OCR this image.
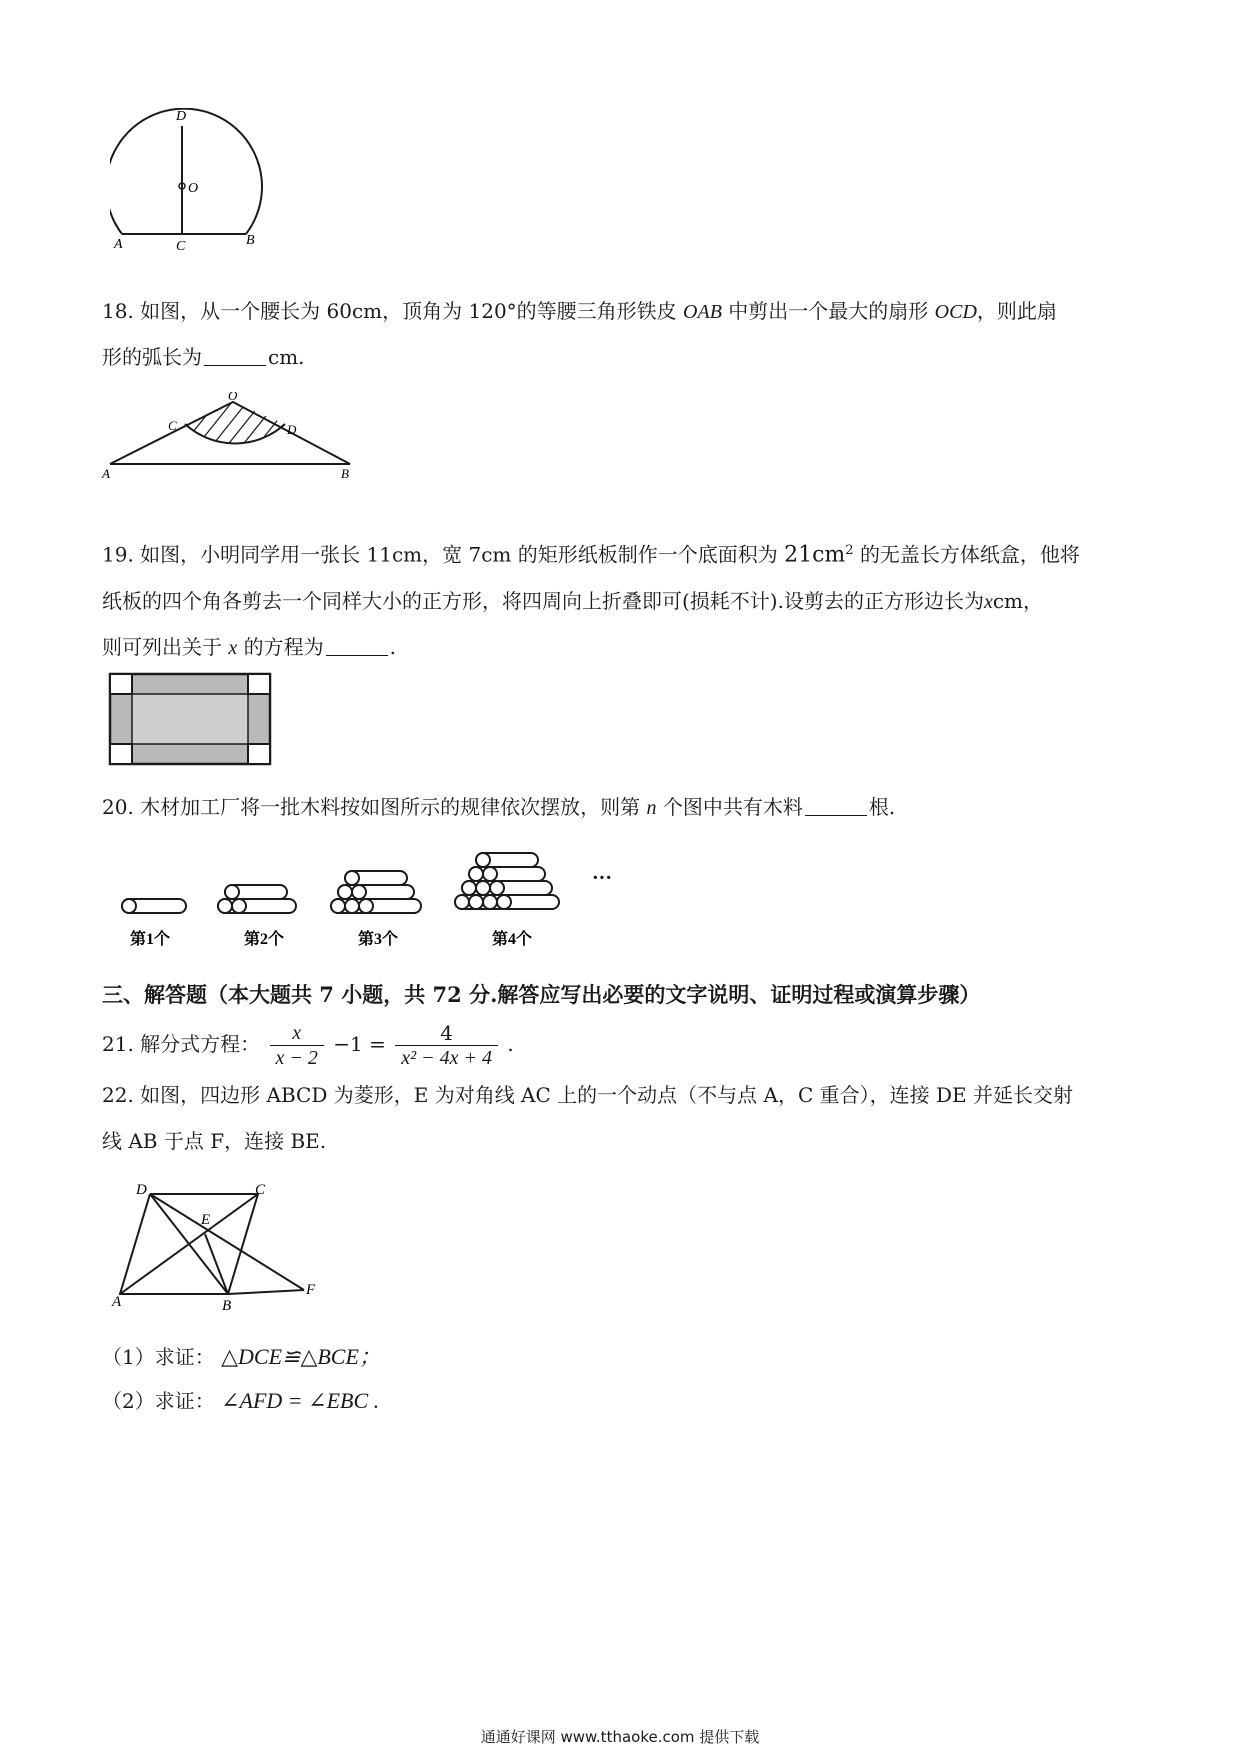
D
O
A	C	B
18. 如图，从一个腰长为 60cm，顶角为 120°的等腰三角形铁皮 OAB 中剪出一个最大的扇形 OCD，则此扇
形的弧长为	cm.
O
C	D
A	B
19. 如图，小明同学用一张长 11cm，宽 7cm 的矩形纸板制作一个底面积为 $21cm^2$ 的无盖长方体纸盒，他将
纸板的四个角各剪去一个同样大小的正方形，将四周向上折叠即可(损耗不计).设剪去的正方形边长为xcm，
则可列出关于 x 的方程为	.
20. 木材加工厂将一批木料按如图所示的规律依次摆放，则第 n 个图中共有木料	根.
···
第1个	第2个	第3个	第4个
三、解答题（本大题共 7 小题，共 72 分.解答应写出必要的文字说明、证明过程或演算步骤）
21. 解分式方程： $\frac{x}{x - 2} -1 = \frac{4}{\text{x² − 4x + 4}}$ .
22. 如图，四边形 ABCD 为菱形，E 为对角线 AC 上的一个动点（不与点 A，C 重合），连接 DE 并延长交射
线 AB 于点 F，连接 BE.
D	C
E
A	B
F
（1）求证： △DCE≌△BCE；
（2）求证： ∠AFD = ∠EBC .
通通好课网 www.tthaoke.com 提供下载
